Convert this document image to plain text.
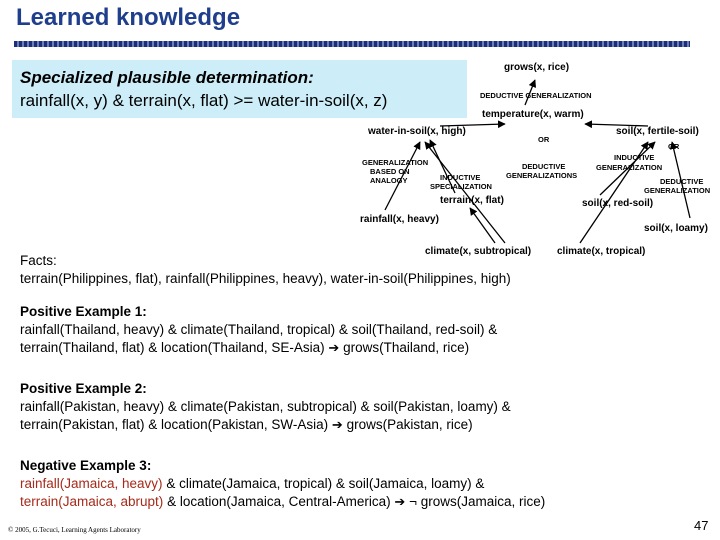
Learned knowledge
Specialized plausible determination:
rainfall(x, y) & terrain(x, flat) >= water-in-soil(x, z)
grows(x, rice)
temperature(x, warm)
water-in-soil(x, high)	soil(x, fertile-soil)
terrain(x, flat)
rainfall(x, heavy)
soil(x, red-soil)
soil(x, loamy)
climate(x, subtropical)	climate(x, tropical)
DEDUCTIVE GENERALIZATION
OR
OR
GENERALIZATION
BASED ON
ANALOGY	INDUCTIVE
SPECIALIZATION
DEDUCTIVE
GENERALIZATIONS
INDUCTIVE
GENERALIZATION
DEDUCTIVE
GENERALIZATION
Facts:
terrain(Philippines, flat), rainfall(Philippines, heavy), water-in-soil(Philippines, high)
Positive Example 1:
rainfall(Thailand, heavy) & climate(Thailand, tropical) & soil(Thailand, red-soil) &
terrain(Thailand, flat) & location(Thailand, SE-Asia) ➔ grows(Thailand, rice)
Positive Example 2:
rainfall(Pakistan, heavy) & climate(Pakistan, subtropical) & soil(Pakistan, loamy) &
terrain(Pakistan, flat) & location(Pakistan, SW-Asia) ➔ grows(Pakistan, rice)
Negative Example 3:
rainfall(Jamaica, heavy) & climate(Jamaica, tropical) & soil(Jamaica, loamy) &
terrain(Jamaica, abrupt) & location(Jamaica, Central-America) ➔ ¬ grows(Jamaica, rice)
© 2005, G.Tecuci, Learning Agents Laboratory	47
